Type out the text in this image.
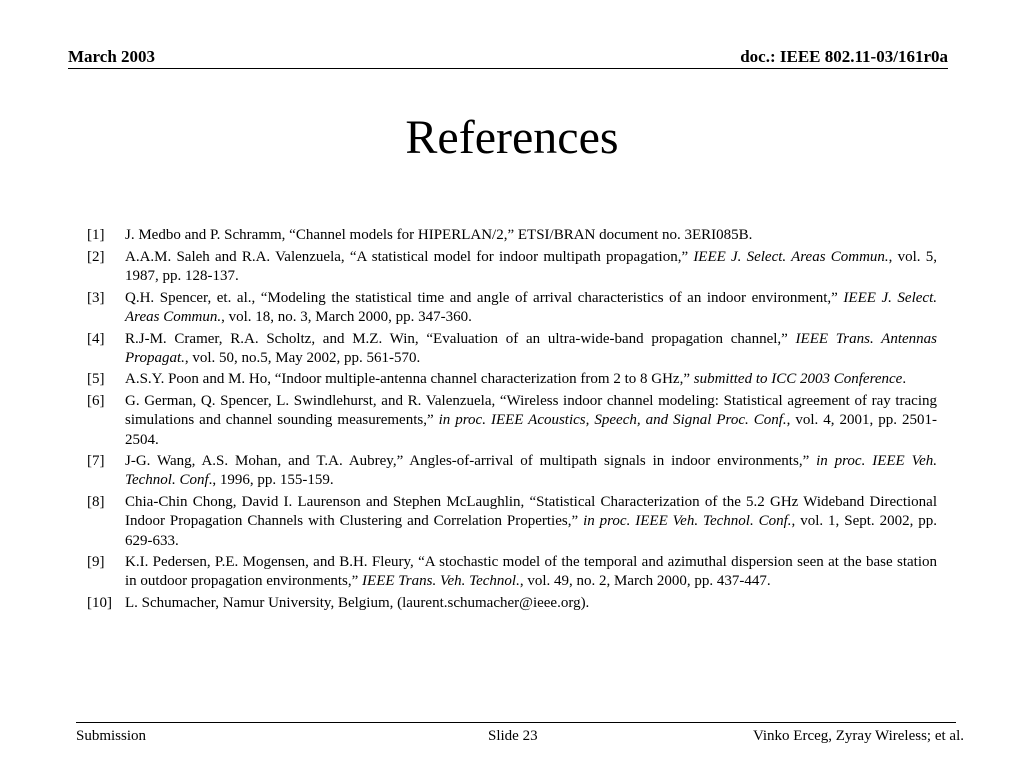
March 2003	doc.: IEEE 802.11-03/161r0a
References
[1]	J. Medbo and P. Schramm, “Channel models for HIPERLAN/2,” ETSI/BRAN document no. 3ERI085B.
[2]	A.A.M. Saleh and R.A. Valenzuela, “A statistical model for indoor multipath propagation,” IEEE J. Select. Areas Commun., vol. 5, 1987, pp. 128-137.
[3]	Q.H. Spencer, et. al., “Modeling the statistical time and angle of arrival characteristics of an indoor environment,” IEEE J. Select. Areas Commun., vol. 18, no. 3, March 2000, pp. 347-360.
[4]	R.J-M. Cramer, R.A. Scholtz, and M.Z. Win, “Evaluation of an ultra-wide-band propagation channel,” IEEE Trans. Antennas Propagat., vol. 50, no.5, May 2002, pp. 561-570.
[5]	A.S.Y. Poon and M. Ho, “Indoor multiple-antenna channel characterization from 2 to 8 GHz,” submitted to ICC 2003 Conference.
[6]	G. German, Q. Spencer, L. Swindlehurst, and R. Valenzuela, “Wireless indoor channel modeling: Statistical agreement of ray tracing simulations and channel sounding measurements,” in proc. IEEE Acoustics, Speech, and Signal Proc. Conf., vol. 4, 2001, pp. 2501-2504.
[7]	J-G. Wang, A.S. Mohan, and T.A. Aubrey,” Angles-of-arrival of multipath signals in indoor environments,” in proc. IEEE Veh. Technol. Conf., 1996, pp. 155-159.
[8]	Chia-Chin Chong, David I. Laurenson and Stephen McLaughlin, “Statistical Characterization of the 5.2 GHz Wideband Directional Indoor Propagation Channels with Clustering and Correlation Properties,” in proc. IEEE Veh. Technol. Conf., vol. 1, Sept. 2002, pp. 629-633.
[9]	K.I. Pedersen, P.E. Mogensen, and B.H. Fleury, “A stochastic model of the temporal and azimuthal dispersion seen at the base station in outdoor propagation environments,” IEEE Trans. Veh. Technol., vol. 49, no. 2, March 2000, pp. 437-447.
[10] L. Schumacher, Namur University, Belgium, (laurent.schumacher@ieee.org).
Submission	Slide 23	Vinko Erceg, Zyray Wireless; et al.
